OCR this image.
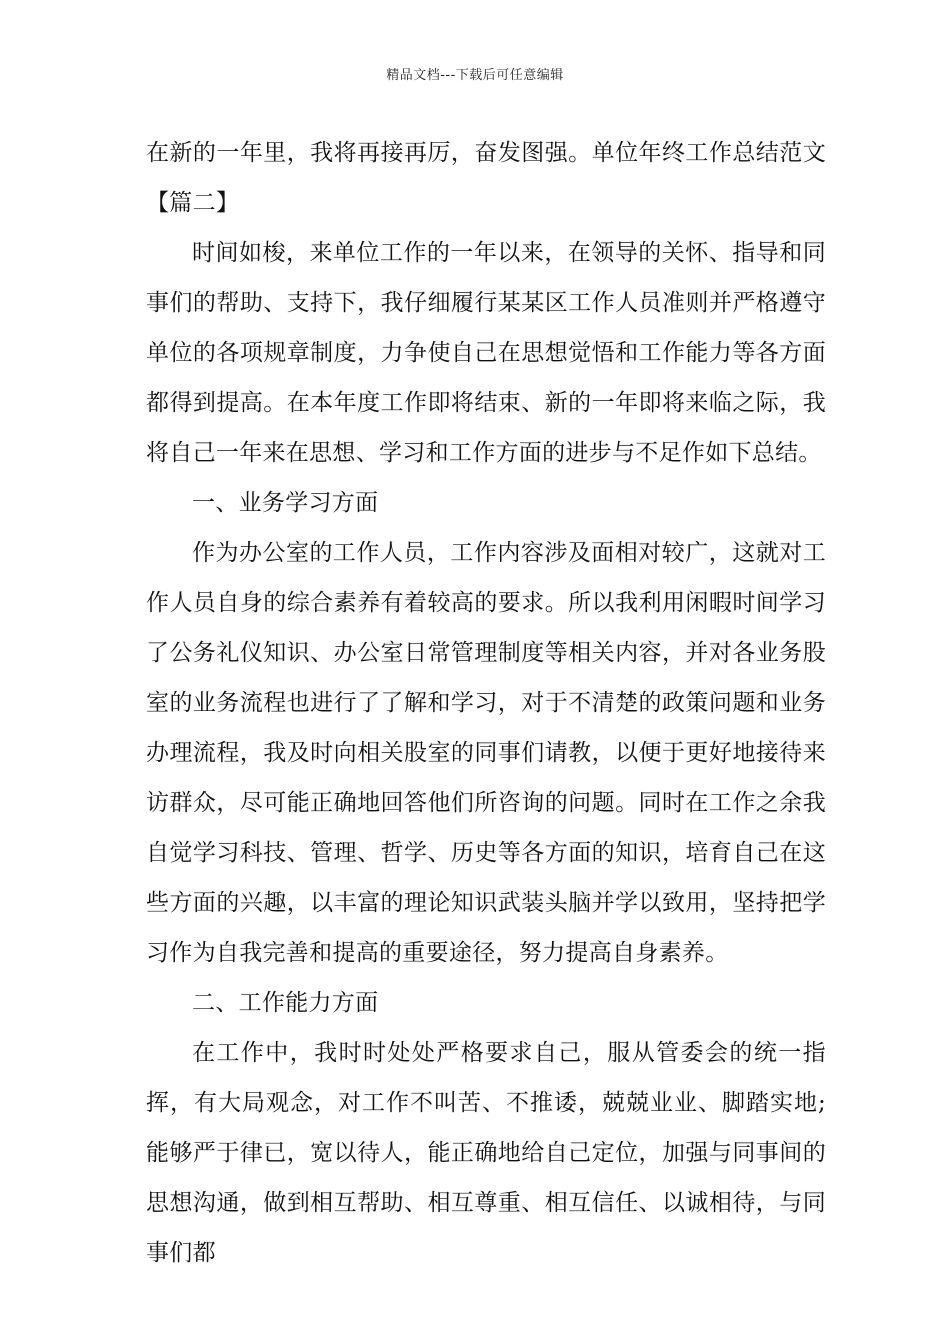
精品文档---下载后可任意编辑

在新的一年里，我将再接再厉，奋发图强。单位年终工作总结范文【篇二】

时间如梭，来单位工作的一年以来，在领导的关怀、指导和同事们的帮助、支持下，我仔细履行某某区工作人员准则并严格遵守单位的各项规章制度，力争使自己在思想觉悟和工作能力等各方面都得到提高。在本年度工作即将结束、新的一年即将来临之际，我将自己一年来在思想、学习和工作方面的进步与不足作如下总结。

一、业务学习方面

作为办公室的工作人员，工作内容涉及面相对较广，这就对工作人员自身的综合素养有着较高的要求。所以我利用闲暇时间学习了公务礼仪知识、办公室日常管理制度等相关内容，并对各业务股室的业务流程也进行了了解和学习，对于不清楚的政策问题和业务办理流程，我及时向相关股室的同事们请教，以便于更好地接待来访群众，尽可能正确地回答他们所咨询的问题。同时在工作之余我自觉学习科技、管理、哲学、历史等各方面的知识，培育自己在这些方面的兴趣，以丰富的理论知识武装头脑并学以致用，坚持把学习作为自我完善和提高的重要途径，努力提高自身素养。

二、工作能力方面

在工作中，我时时处处严格要求自己，服从管委会的统一指挥，有大局观念，对工作不叫苦、不推诿，兢兢业业、脚踏实地;能够严于律已，宽以待人，能正确地给自己定位，加强与同事间的思想沟通，做到相互帮助、相互尊重、相互信任、以诚相待，与同事们都
